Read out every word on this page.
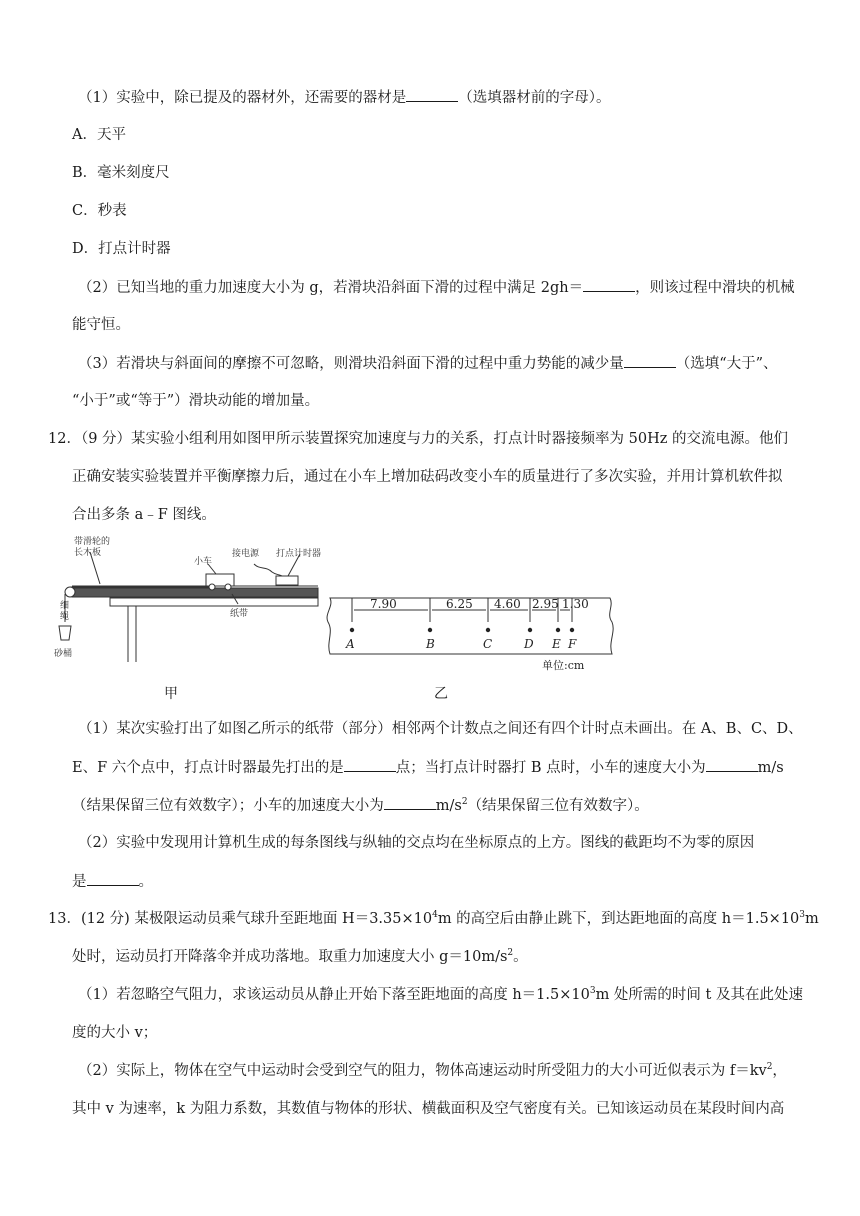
（1）实验中，除已提及的器材外，还需要的器材是	（选填器材前的字母）。
A．天平
B．毫米刻度尺
C．秒表
D．打点计时器
（2）已知当地的重力加速度大小为 g，若滑块沿斜面下滑的过程中满足 2gh＝	，则该过程中滑块的机械
能守恒。
（3）若滑块与斜面间的摩擦不可忽略，则滑块沿斜面下滑的过程中重力势能的减少量	（选填“大于”、
“小于”或“等于”）滑块动能的增加量。
12．（9 分）某实验小组利用如图甲所示装置探究加速度与力的关系，打点计时器接频率为 50Hz 的交流电源。他们
正确安装实验装置并平衡摩擦力后，通过在小车上增加砝码改变小车的质量进行了多次实验，并用计算机软件拟
合出多条 a﹣F 图线。
带滑轮的
长木板
小车
接电源 打点计时器
细
绳	纸带
砂桶
甲
7.90	6.25 4.60 2.95 1.30
A	B	C	D E F
单位:cm
乙
（1）某次实验打出了如图乙所示的纸带（部分）相邻两个计数点之间还有四个计时点未画出。在 A、B、C、D、
E、F 六个点中，打点计时器最先打出的是	点；当打点计时器打 B 点时，小车的速度大小为	m/s
（结果保留三位有效数字）；小车的加速度大小为	$m/s^2$（结果保留三位有效数字）。
（2）实验中发现用计算机生成的每条图线与纵轴的交点均在坐标原点的上方。图线的截距均不为零的原因
是	。
13．(12 分) 某极限运动员乘气球升至距地面 $H=3.35\times 10^4m$ 的高空后由静止跳下，到达距地面的高度 $h=1.5\times 10^3m$
处时，运动员打开降落伞并成功落地。取重力加速度大小 $g=10m/s^2$。
（1）若忽略空气阻力，求该运动员从静止开始下落至距地面的高度 $h=1.5\times 10^3m$ 处所需的时间 t 及其在此处速
度的大小 v；
（2）实际上，物体在空气中运动时会受到空气的阻力，物体高速运动时所受阻力的大小可近似表示为 $f=kv^2$，
其中 v 为速率，k 为阻力系数，其数值与物体的形状、横截面积及空气密度有关。已知该运动员在某段时间内高
